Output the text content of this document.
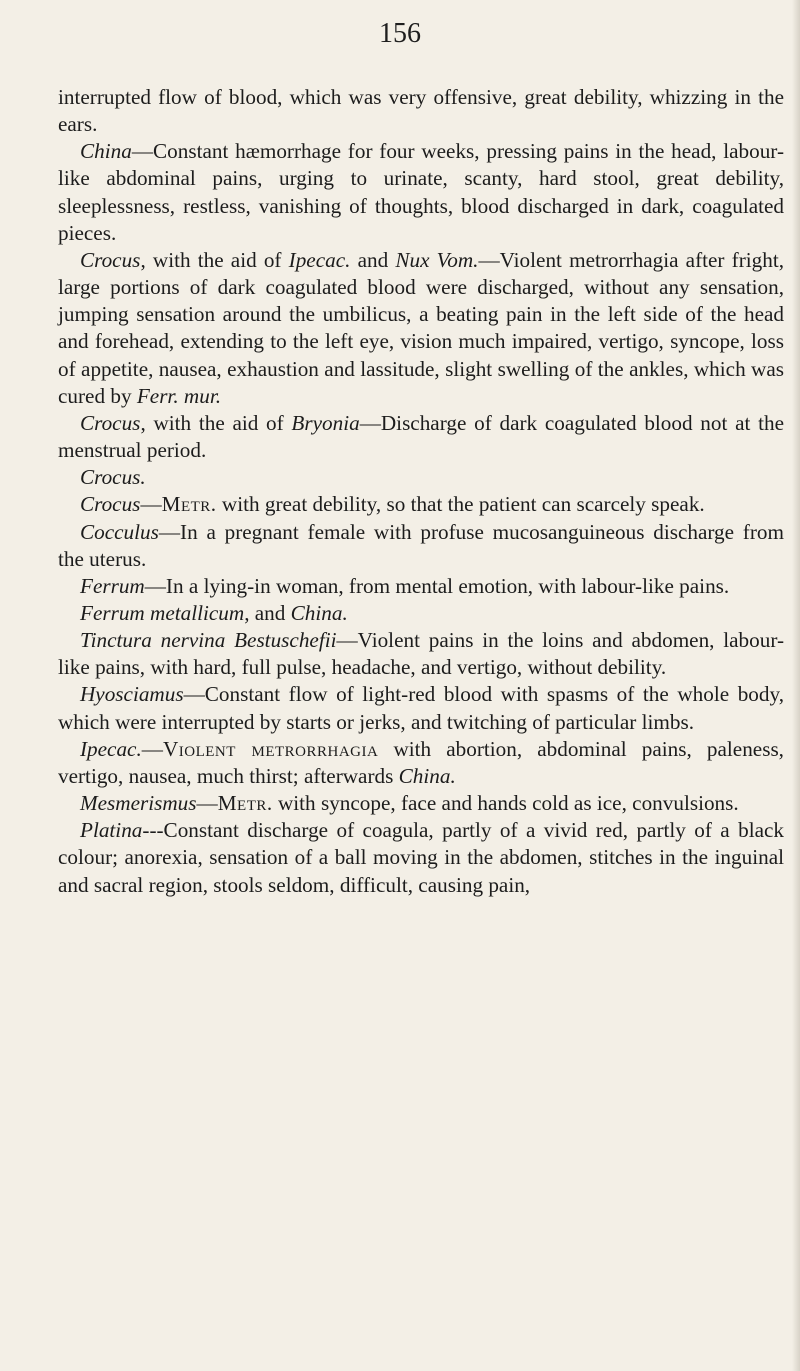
156

interrupted flow of blood, which was very offensive, great debility, whizzing in the ears.

China—Constant hæmorrhage for four weeks, pressing pains in the head, labour-like abdominal pains, urging to urinate, scanty, hard stool, great debility, sleeplessness, restless, vanishing of thoughts, blood discharged in dark, coagulated pieces.

Crocus, with the aid of Ipecac. and Nux Vom.—Violent metrorrhagia after fright, large portions of dark coagulated blood were discharged, without any sensation, jumping sensation around the umbilicus, a beating pain in the left side of the head and forehead, extending to the left eye, vision much impaired, vertigo, syncope, loss of appetite, nausea, exhaustion and lassitude, slight swelling of the ankles, which was cured by Ferr. mur.

Crocus, with the aid of Bryonia—Discharge of dark coagulated blood not at the menstrual period.

Crocus.

Crocus—Metr. with great debility, so that the patient can scarcely speak.

Cocculus—In a pregnant female with profuse mucosanguineous discharge from the uterus.

Ferrum—In a lying-in woman, from mental emotion, with labour-like pains.

Ferrum metallicum, and China.

Tinctura nervina Bestuschefii—Violent pains in the loins and abdomen, labour-like pains, with hard, full pulse, headache, and vertigo, without debility.

Hyosciamus—Constant flow of light-red blood with spasms of the whole body, which were interrupted by starts or jerks, and twitching of particular limbs.

Ipecac.—Violent metrorrhagia with abortion, abdominal pains, paleness, vertigo, nausea, much thirst; afterwards China.

Mesmerismus—Metr. with syncope, face and hands cold as ice, convulsions.

Platina---Constant discharge of coagula, partly of a vivid red, partly of a black colour; anorexia, sensation of a ball moving in the abdomen, stitches in the inguinal and sacral region, stools seldom, difficult, causing pain,
